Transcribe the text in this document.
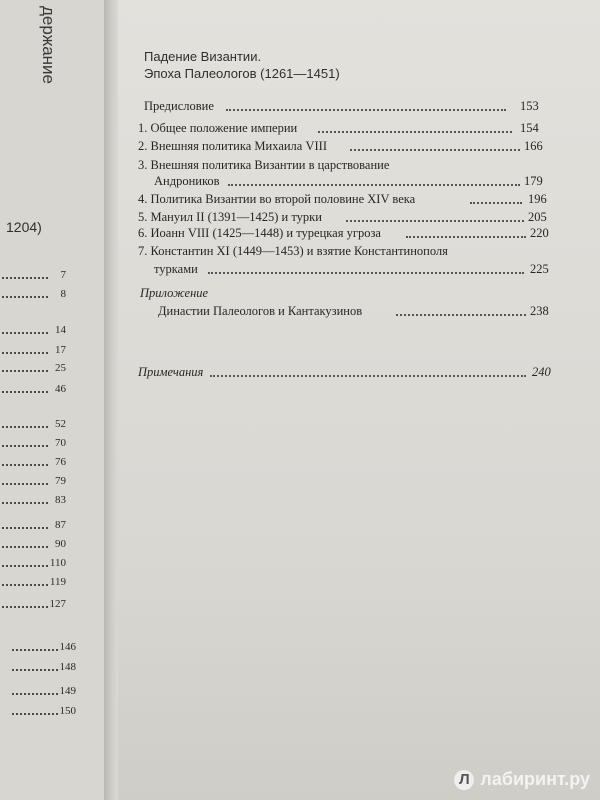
держание
1204)
7
8
14
17
25
46
52
70
76
79
83
87
90
110
119
127
146
148
149
150
Падение Византии.
Эпоха Палеологов (1261—1451)
Предисловие	153
1. Общее положение империи	154
2. Внешняя политика Михаила VIII	166
3. Внешняя политика Византии в царствование
Андроников	179
4. Политика Византии во второй половине XIV века	196
5. Мануил II (1391—1425) и турки	205
6. Иоанн VIII (1425—1448) и турецкая угроза	220
7. Константин XI (1449—1453) и взятие Константинополя
турками	225
Приложение
Династии Палеологов и Кантакузинов	238
Примечания	240
Л лабиринт.ру
